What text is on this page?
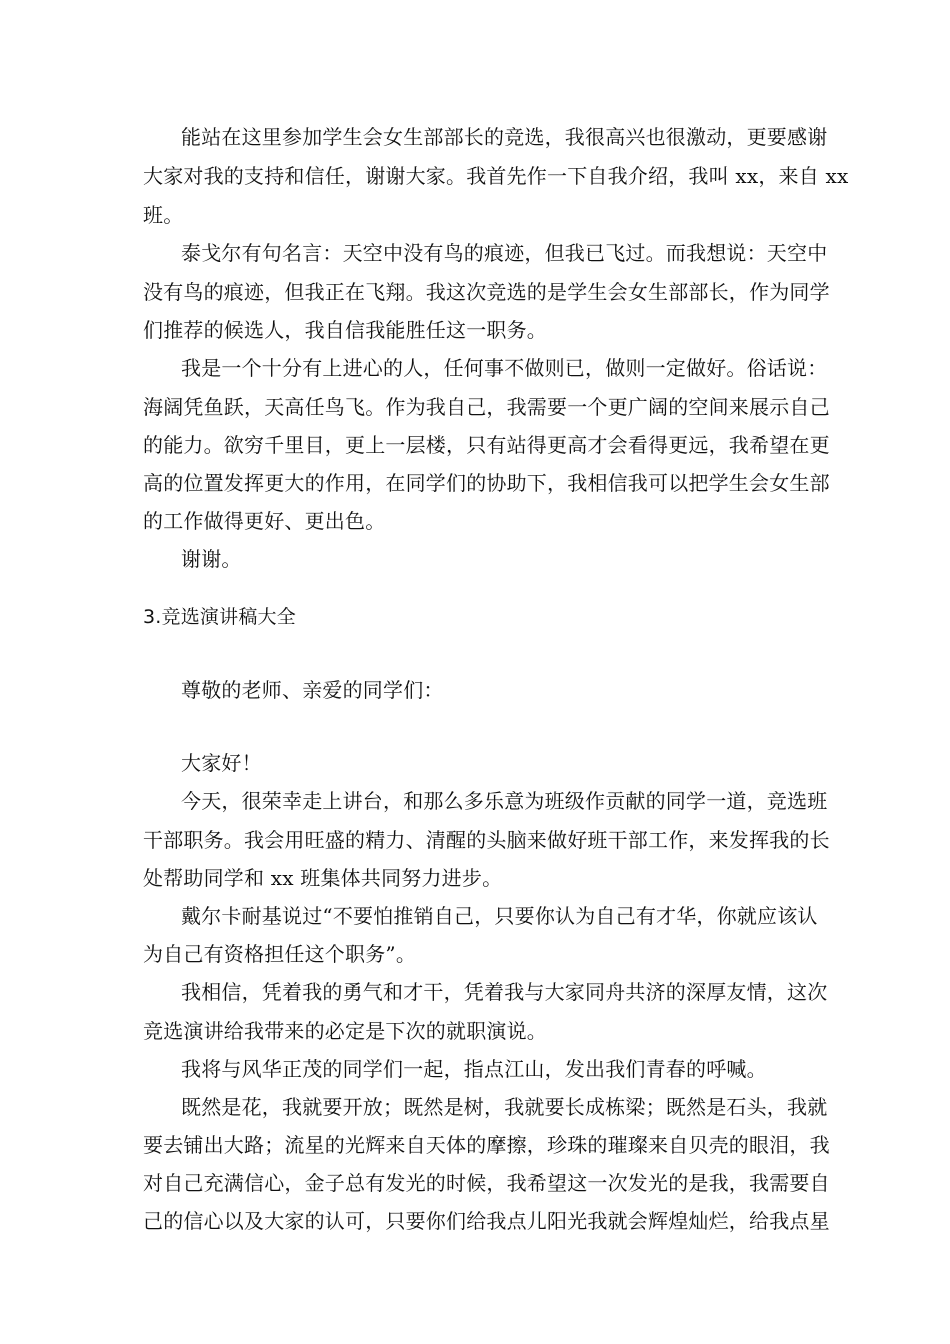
能站在这里参加学生会女生部部长的竞选，我很高兴也很激动，更要感谢
大家对我的支持和信任，谢谢大家。我首先作一下自我介绍，我叫 xx，来自 xx
班。
泰戈尔有句名言：天空中没有鸟的痕迹，但我已飞过。而我想说：天空中
没有鸟的痕迹，但我正在飞翔。我这次竞选的是学生会女生部部长，作为同学
们推荐的候选人，我自信我能胜任这一职务。
我是一个十分有上进心的人，任何事不做则已，做则一定做好。俗话说：
海阔凭鱼跃，天高任鸟飞。作为我自己，我需要一个更广阔的空间来展示自己
的能力。欲穷千里目，更上一层楼，只有站得更高才会看得更远，我希望在更
高的位置发挥更大的作用，在同学们的协助下，我相信我可以把学生会女生部
的工作做得更好、更出色。
谢谢。
3.竞选演讲稿大全
尊敬的老师、亲爱的同学们：
大家好！
今天，很荣幸走上讲台，和那么多乐意为班级作贡献的同学一道，竞选班
干部职务。我会用旺盛的精力、清醒的头脑来做好班干部工作，来发挥我的长
处帮助同学和 xx 班集体共同努力进步。
戴尔卡耐基说过“不要怕推销自己，只要你认为自己有才华，你就应该认
为自己有资格担任这个职务”。
我相信，凭着我的勇气和才干，凭着我与大家同舟共济的深厚友情，这次
竞选演讲给我带来的必定是下次的就职演说。
我将与风华正茂的同学们一起，指点江山，发出我们青春的呼喊。
既然是花，我就要开放；既然是树，我就要长成栋梁；既然是石头，我就
要去铺出大路；流星的光辉来自天体的摩擦，珍珠的璀璨来自贝壳的眼泪，我
对自己充满信心，金子总有发光的时候，我希望这一次发光的是我，我需要自
己的信心以及大家的认可，只要你们给我点儿阳光我就会辉煌灿烂，给我点星
